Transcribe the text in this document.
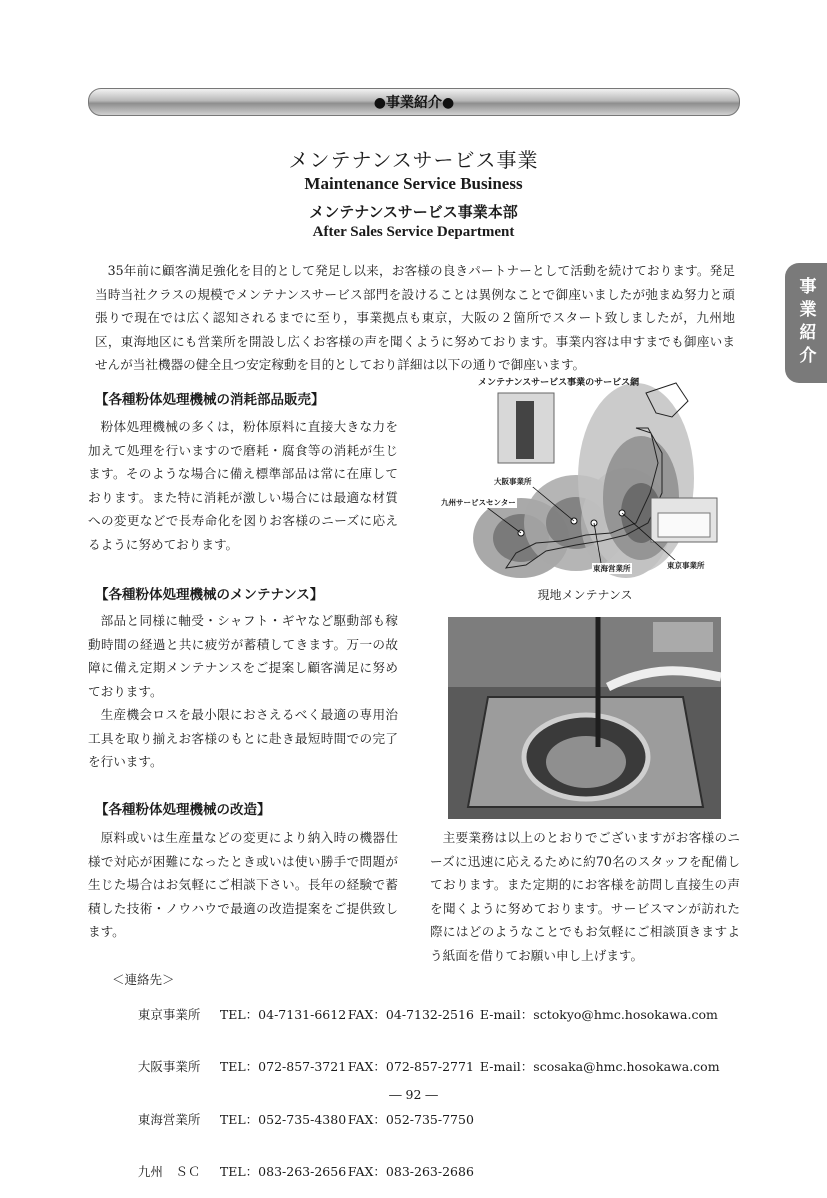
●事業紹介●
事業紹介
メンテナンスサービス事業
Maintenance Service Business
メンテナンスサービス事業本部
After Sales Service Department
35年前に顧客満足強化を目的として発足し以来，お客様の良きパートナーとして活動を続けております。発足当時当社クラスの規模でメンテナンスサービス部門を設けることは異例なことで御座いましたが弛まぬ努力と頑張りで現在では広く認知されるまでに至り，事業拠点も東京，大阪の２箇所でスタート致しましたが，九州地区，東海地区にも営業所を開設し広くお客様の声を聞くように努めております。事業内容は申すまでも御座いませんが当社機器の健全且つ安定稼動を目的としており詳細は以下の通りで御座います。
【各種粉体処理機械の消耗部品販売】
粉体処理機械の多くは，粉体原料に直接大きな力を加えて処理を行いますので磨耗・腐食等の消耗が生じます。そのような場合に備え標準部品は常に在庫しております。また特に消耗が激しい場合には最適な材質への変更などで長寿命化を図りお客様のニーズに応えるように努めております。
【各種粉体処理機械のメンテナンス】

部品と同様に軸受・シャフト・ギヤなど駆動部も稼動時間の経過と共に疲労が蓄積してきます。万一の故障に備え定期メンテナンスをご提案し顧客満足に努めております。

生産機会ロスを最小限におさえるべく最適の専用治工具を取り揃えお客様のもとに赴き最短時間での完了を行います。

【各種粉体処理機械の改造】
原料或いは生産量などの変更により納入時の機器仕様で対応が困難になったとき或いは使い勝手で問題が生じた場合はお気軽にご相談下さい。長年の経験で蓄積した技術・ノウハウで最適の改造提案をご提供致します。
主要業務は以上のとおりでございますがお客様のニーズに迅速に応えるために約70名のスタッフを配備しております。また定期的にお客様を訪問し直接生の声を聞くように努めております。サービスマンが訪れた際にはどのようなことでもお気軽にご相談頂きますよう紙面を借りてお願い申し上げます。
メンテナンスサービス事業のサービス網
大阪事業所
九州サービスセンター
東海営業所	東京事業所
現地メンテナンス
＜連絡先＞

東京事業所 TEL：04-7131-6612 FAX：04-7132-2516 E-mail：sctokyo@hmc.hosokawa.com

大阪事業所 TEL：072-857-3721 FAX：072-857-2771 E-mail：scosaka@hmc.hosokawa.com

東海営業所 TEL：052-735-4380 FAX：052-735-7750

九州　ＳＣ TEL：083-263-2656 FAX：083-263-2686

― 92 ―
